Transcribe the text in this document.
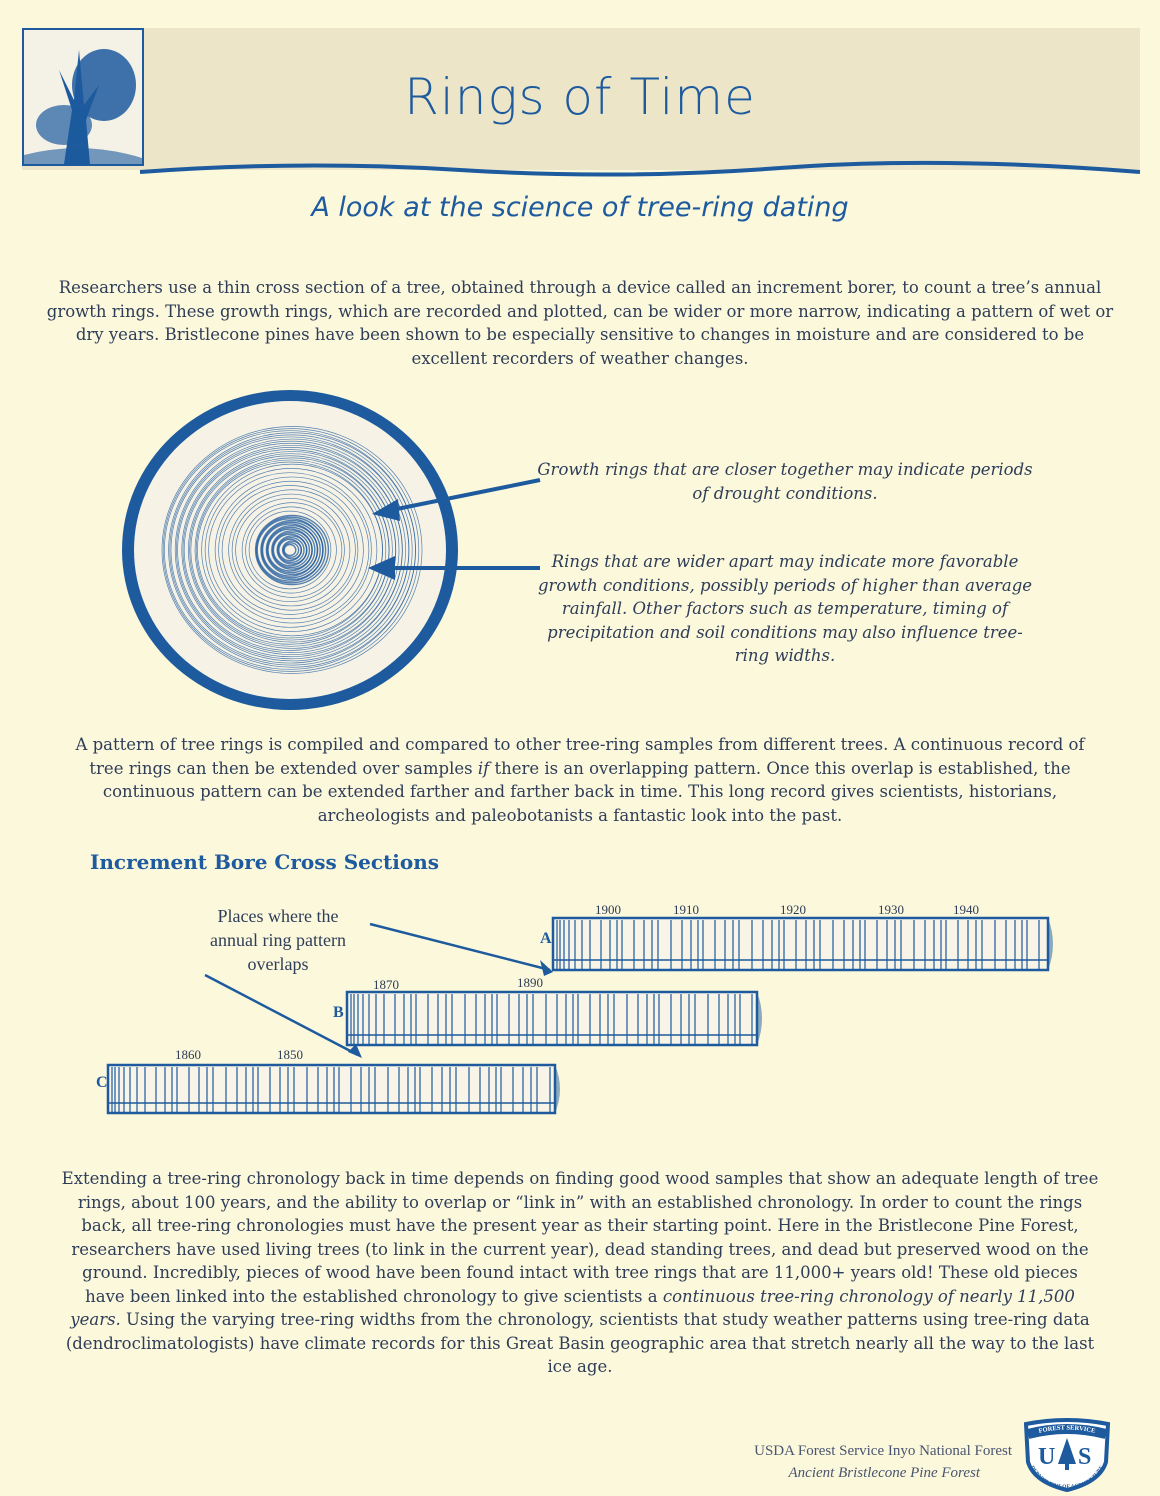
Rings of Time
A look at the science of tree-ring dating
Researchers use a thin cross section of a tree, obtained through a device called an increment borer, to count a tree’s annual growth rings. These growth rings, which are recorded and plotted, can be wider or more narrow, indicating a pattern of wet or dry years. Bristlecone pines have been shown to be especially sensitive to changes in moisture and are considered to be excellent recorders of weather changes.
Growth rings that are closer together may indicate periods of drought conditions.
Rings that are wider apart may indicate more favorable growth conditions, possibly periods of higher than average rainfall. Other factors such as temperature, timing of precipitation and soil conditions may also influence tree-ring widths.
A pattern of tree rings is compiled and compared to other tree-ring samples from different trees. A continuous record of tree rings can then be extended over samples if there is an overlapping pattern. Once this overlap is established, the continuous pattern can be extended farther and farther back in time. This long record gives scientists, historians, archeologists and paleobotanists a fantastic look into the past.
Increment Bore Cross Sections
Places where the
annual ring pattern
overlaps
A
B
C
1900	1910	1920	1930	1940
1870	1890
1860	1850
Extending a tree-ring chronology back in time depends on finding good wood samples that show an adequate length of tree rings, about 100 years, and the ability to overlap or “link in” with an established chronology. In order to count the rings back, all tree-ring chronologies must have the present year as their starting point. Here in the Bristlecone Pine Forest, researchers have used living trees (to link in the current year), dead standing trees, and dead but preserved wood on the ground. Incredibly, pieces of wood have been found intact with tree rings that are 11,000+ years old! These old pieces have been linked into the established chronology to give scientists a continuous tree-ring chronology of nearly 11,500 years. Using the varying tree-ring widths from the chronology, scientists that study weather patterns using tree-ring data (dendroclimatologists) have climate records for this Great Basin geographic area that stretch nearly all the way to the last ice age.
USDA Forest Service Inyo National Forest
Ancient Bristlecone Pine Forest
FOREST SERVICE
U S
DEPARTMENT OF AGRICULTURE
